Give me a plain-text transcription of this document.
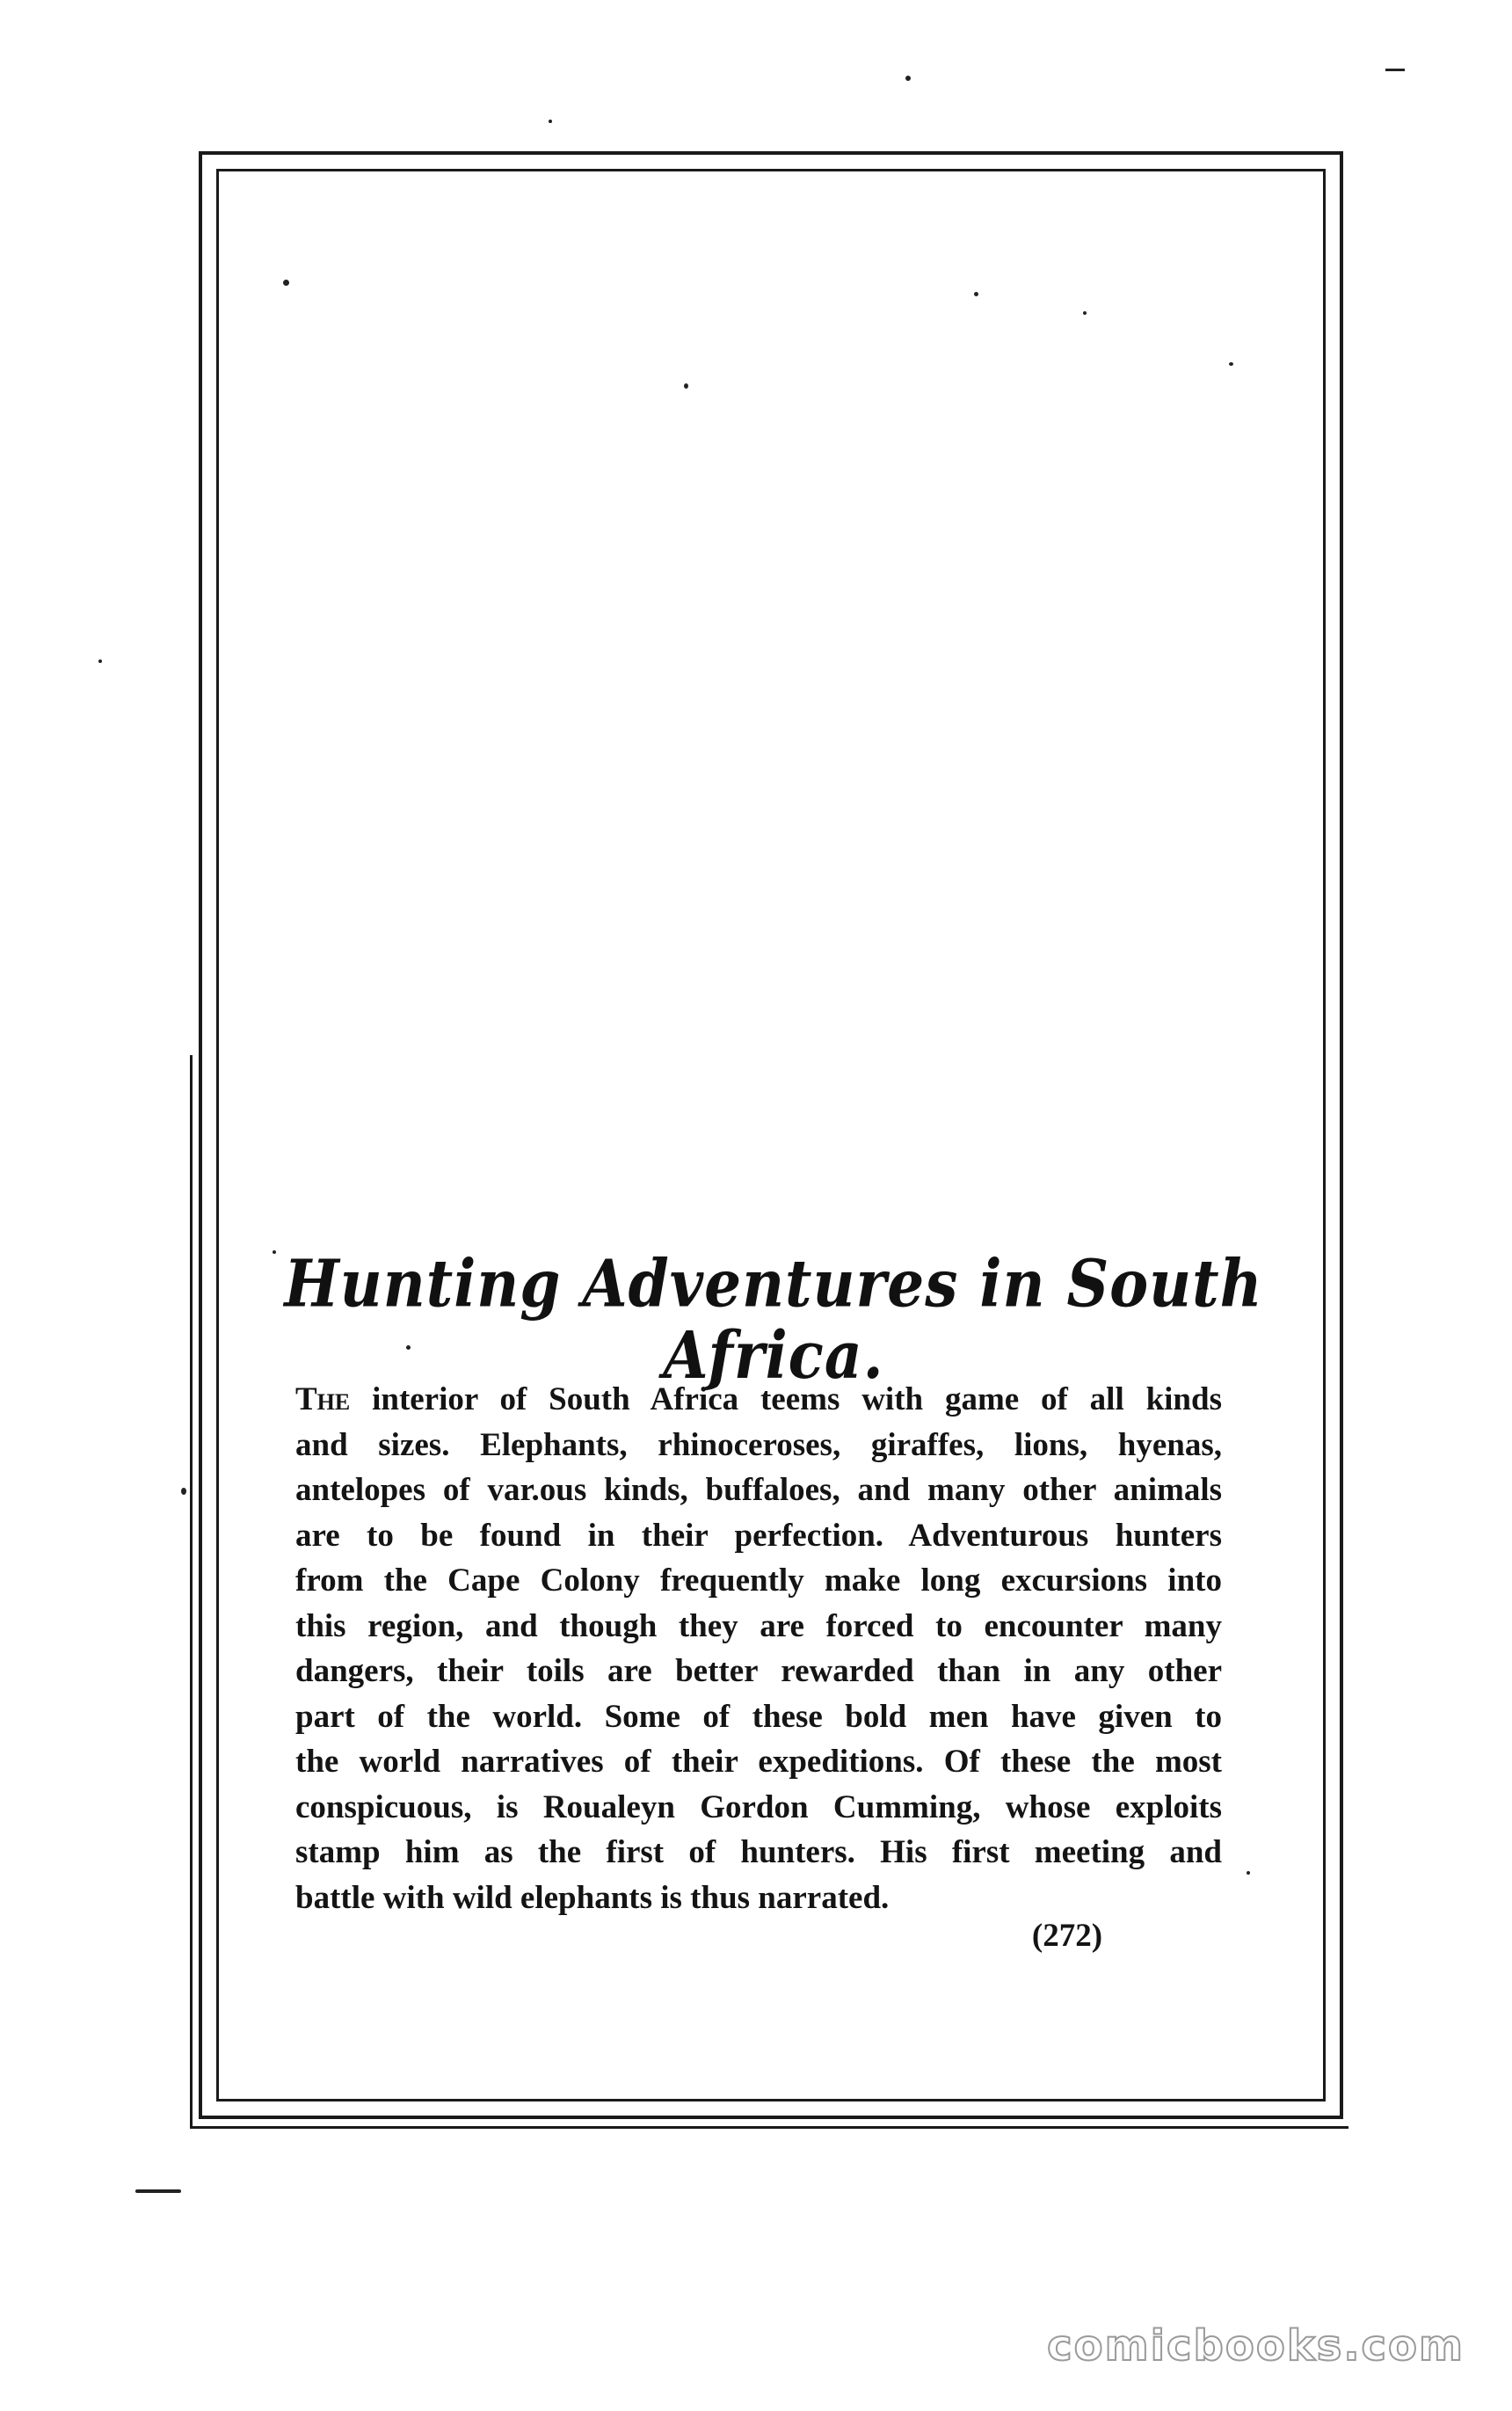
Hunting Adventures in South Africa.
The interior of South Africa teems with game of all kinds
and sizes. Elephants, rhinoceroses, giraffes, lions, hyenas,
antelopes of var.ous kinds, buffaloes, and many other animals
are to be found in their perfection. Adventurous hunters
from the Cape Colony frequently make long excursions into
this region, and though they are forced to encounter many
dangers, their toils are better rewarded than in any other
part of the world. Some of these bold men have given to
the world narratives of their expeditions. Of these the most
conspicuous, is Roualeyn Gordon Cumming, whose exploits
stamp him as the first of hunters. His first meeting and
battle with wild elephants is thus narrated.
(272)
comicbooks.com
